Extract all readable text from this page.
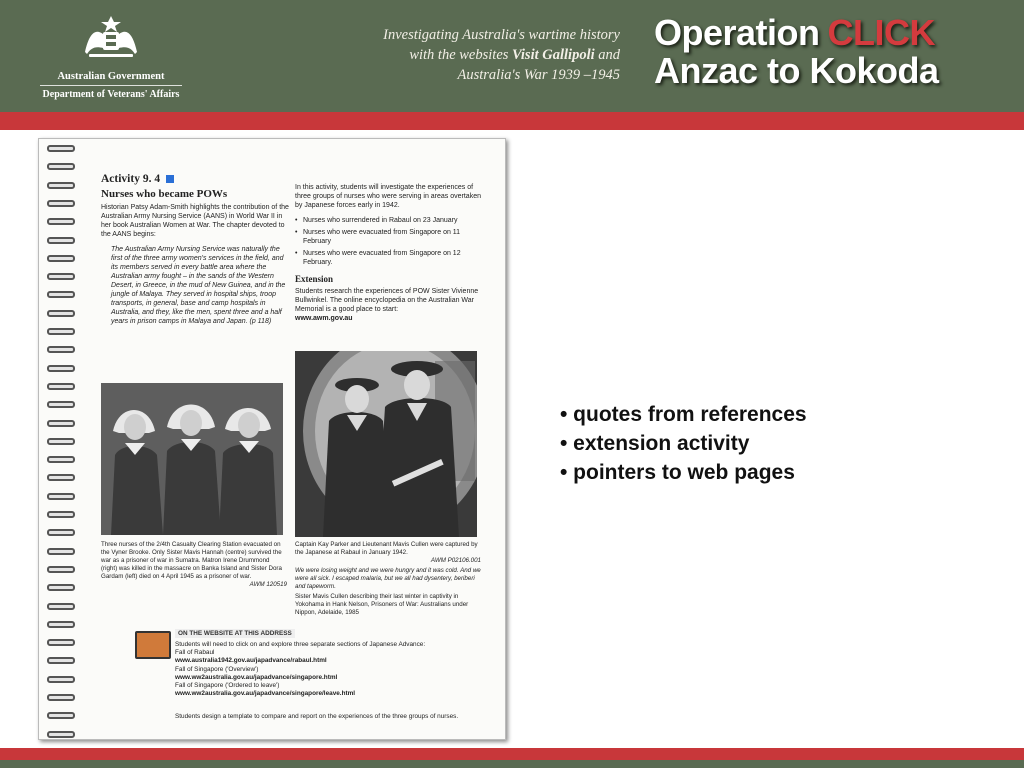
Australian Government
Department of Veterans' Affairs
Investigating Australia's wartime history
with the websites Visit Gallipoli and
Australia's War 1939 –1945
Operation CLICK
Anzac to Kokoda
Activity 9. 4
Nurses who became POWs

Historian Patsy Adam-Smith highlights the contribution of the Australian Army Nursing Service (AANS) in World War II in her book Australian Women at War. The chapter devoted to the AANS begins:

The Australian Army Nursing Service was naturally the first of the three army women's services in the field, and its members served in every battle area where the Australian army fought – in the sands of the Western Desert, in Greece, in the mud of New Guinea, and in the jungle of Malaya. They served in hospital ships, troop transports, in general, base and camp hospitals in Australia, and they, like the men, spent three and a half years in prison camps in Malaya and Japan. (p 118)

In this activity, students will investigate the experiences of three groups of nurses who were serving in areas overtaken by Japanese forces early in 1942.

• Nurses who surrendered in Rabaul on 23 January
• Nurses who were evacuated from Singapore on 11 February
• Nurses who were evacuated from Singapore on 12 February.
Extension
Students research the experiences of POW Sister Vivienne Bullwinkel. The online encyclopedia on the Australian War Memorial is a good place to start:
www.awm.gov.au
Three nurses of the 2/4th Casualty Clearing Station evacuated on the Vyner Brooke. Only Sister Mavis Hannah (centre) survived the war as a prisoner of war in Sumatra. Matron Irene Drummond (right) was killed in the massacre on Banka Island and Sister Dora Gardam (left) died on 4 April 1945 as a prisoner of war.
AWM 120519
Captain Kay Parker and Lieutenant Mavis Cullen were captured by the Japanese at Rabaul in January 1942.
AWM P02106.001
We were losing weight and we were hungry and it was cold. And we were all sick. I escaped malaria, but we all had dysentery, beriberi and tapeworm.
Sister Mavis Cullen describing their last winter in captivity in Yokohama in Hank Nelson, Prisoners of War: Australians under Nippon, Adelaide, 1985
ON THE WEBSITE AT THIS ADDRESS
Students will need to click on and explore three separate sections of Japanese Advance:
Fall of Rabaul
www.australia1942.gov.au/japadvance/rabaul.html
Fall of Singapore ('Overview')
www.ww2australia.gov.au/japadvance/singapore.html
Fall of Singapore ('Ordered to leave')
www.ww2australia.gov.au/japadvance/singapore/leave.html
Students design a template to compare and report on the experiences of the three groups of nurses.
• quotes from references
• extension activity
• pointers to web pages
